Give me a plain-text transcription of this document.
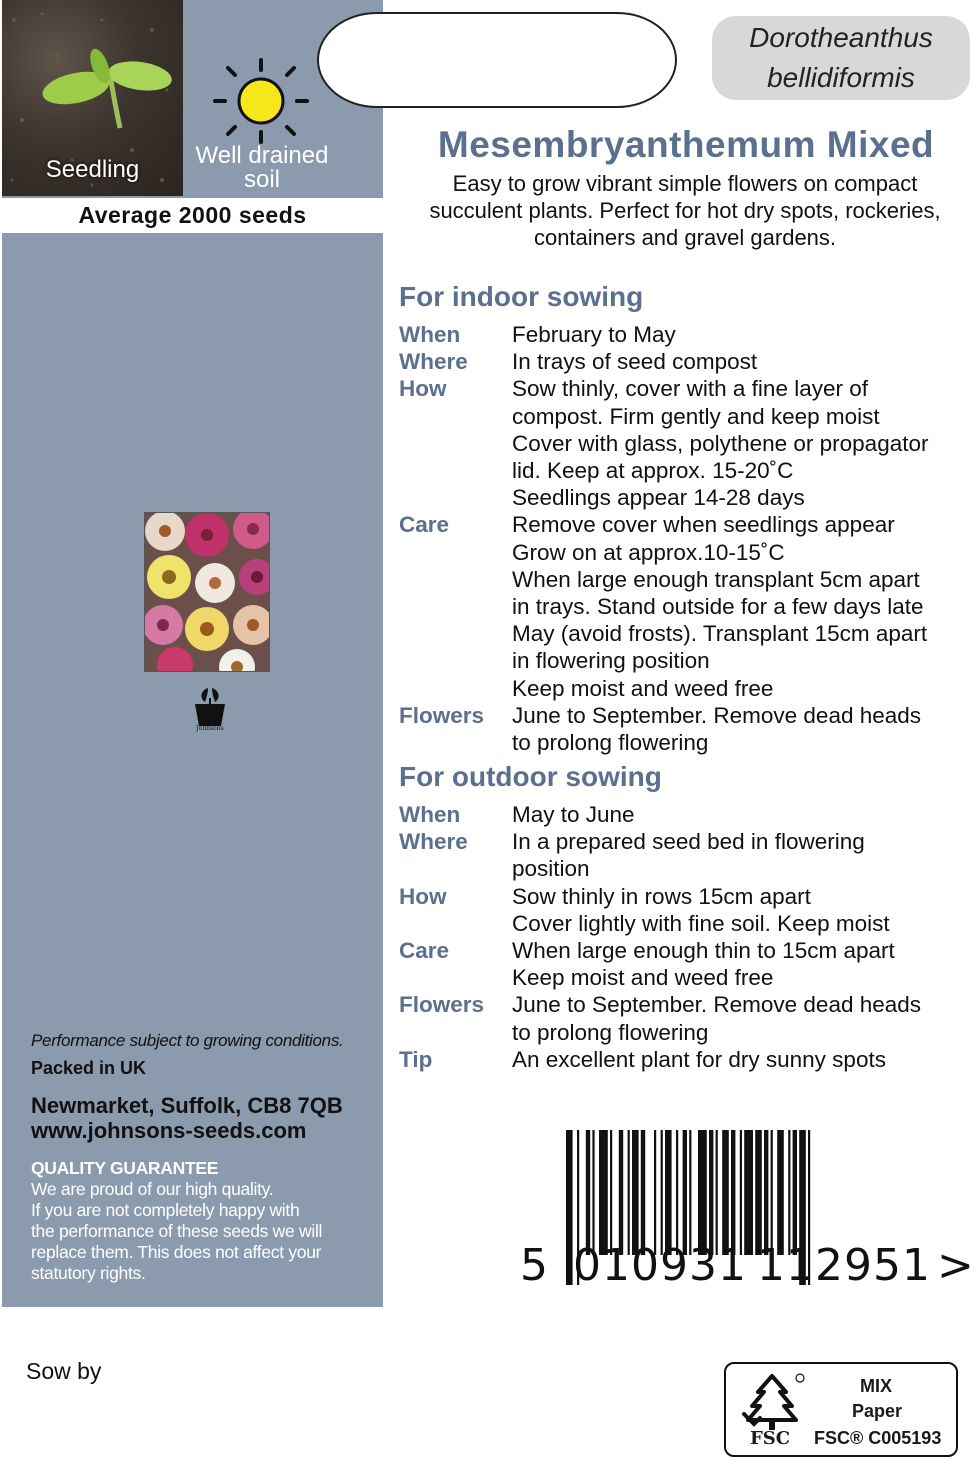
Seedling
Well drained
soil
Average 2000 seeds
Johnsons
Performance subject to growing conditions.
Packed in UK
Newmarket, Suffolk, CB8 7QB
www.johnsons-seeds.com
QUALITY GUARANTEE
We are proud of our high quality.
If you are not completely happy with
the performance of these seeds we will
replace them. This does not affect your
statutory rights.
Dorotheanthus
bellidiformis
Mesembryanthemum Mixed
Easy to grow vibrant simple flowers on compact
succulent plants. Perfect for hot dry spots, rockeries,
containers and gravel gardens.
For indoor sowing
When	February to May
Where	In trays of seed compost
How	Sow thinly, cover with a fine layer of
compost. Firm gently and keep moist
Cover with glass, polythene or propagator
lid. Keep at approx. 15-20˚C
Seedlings appear 14-28 days
Care	Remove cover when seedlings appear
Grow on at approx.10-15˚C
When large enough transplant 5cm apart
in trays. Stand outside for a few days late
May (avoid frosts). Transplant 15cm apart
in flowering position
Keep moist and weed free
Flowers	June to September. Remove dead heads
to prolong flowering
For outdoor sowing
When	May to June
Where	In a prepared seed bed in flowering
position
How	Sow thinly in rows 15cm apart
Cover lightly with fine soil. Keep moist
Care	When large enough thin to 15cm apart
Keep moist and weed free
Flowers	June to September. Remove dead heads
to prolong flowering
Tip	An excellent plant for dry sunny spots
5 010931 112951 >
Sow by
FSC
MIX
Paper
FSC® C005193
